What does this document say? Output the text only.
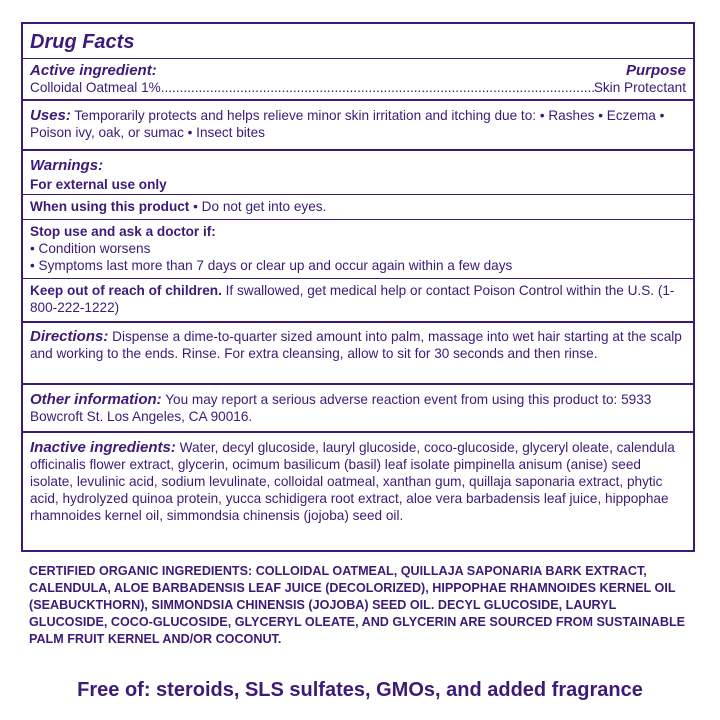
Drug Facts
Active ingredient:	Purpose
Colloidal Oatmeal 1%
.....	Skin Protectant
Uses: Temporarily protects and helps relieve minor skin irritation and itching due to: • Rashes • Eczema • Poison ivy, oak, or sumac • Insect bites
Warnings:
For external use only
When using this product • Do not get into eyes.
Stop use and ask a doctor if:
• Condition worsens
• Symptoms last more than 7 days or clear up and occur again within a few days
Keep out of reach of children. If swallowed, get medical help or contact Poison Control within the U.S. (1-800-222-1222)
Directions: Dispense a dime-to-quarter sized amount into palm, massage into wet hair starting at the scalp and working to the ends. Rinse. For extra cleansing, allow to sit for 30 seconds and then rinse.
Other information: You may report a serious adverse reaction event from using this product to: 5933 Bowcroft St. Los Angeles, CA 90016.
Inactive ingredients: Water, decyl glucoside, lauryl glucoside, coco-glucoside, glyceryl oleate, calendula officinalis flower extract, glycerin, ocimum basilicum (basil) leaf isolate pimpinella anisum (anise) seed isolate, levulinic acid, sodium levulinate, colloidal oatmeal, xanthan gum, quillaja saponaria extract, phytic acid, hydrolyzed quinoa protein, yucca schidigera root extract, aloe vera barbadensis leaf juice, hippophae rhamnoides kernel oil, simmondsia chinensis (jojoba) seed oil.
CERTIFIED ORGANIC INGREDIENTS: COLLOIDAL OATMEAL, QUILLAJA SAPONARIA BARK EXTRACT, CALENDULA, ALOE BARBADENSIS LEAF JUICE (DECOLORIZED), HIPPOPHAE RHAMNOIDES KERNEL OIL (SEABUCKTHORN), SIMMONDSIA CHINENSIS (JOJOBA) SEED OIL. DECYL GLUCOSIDE, LAURYL GLUCOSIDE, COCO-GLUCOSIDE, GLYCERYL OLEATE, AND GLYCERIN ARE SOURCED FROM SUSTAINABLE PALM FRUIT KERNEL AND/OR COCONUT.
Free of: steroids, SLS sulfates, GMOs, and added fragrance
